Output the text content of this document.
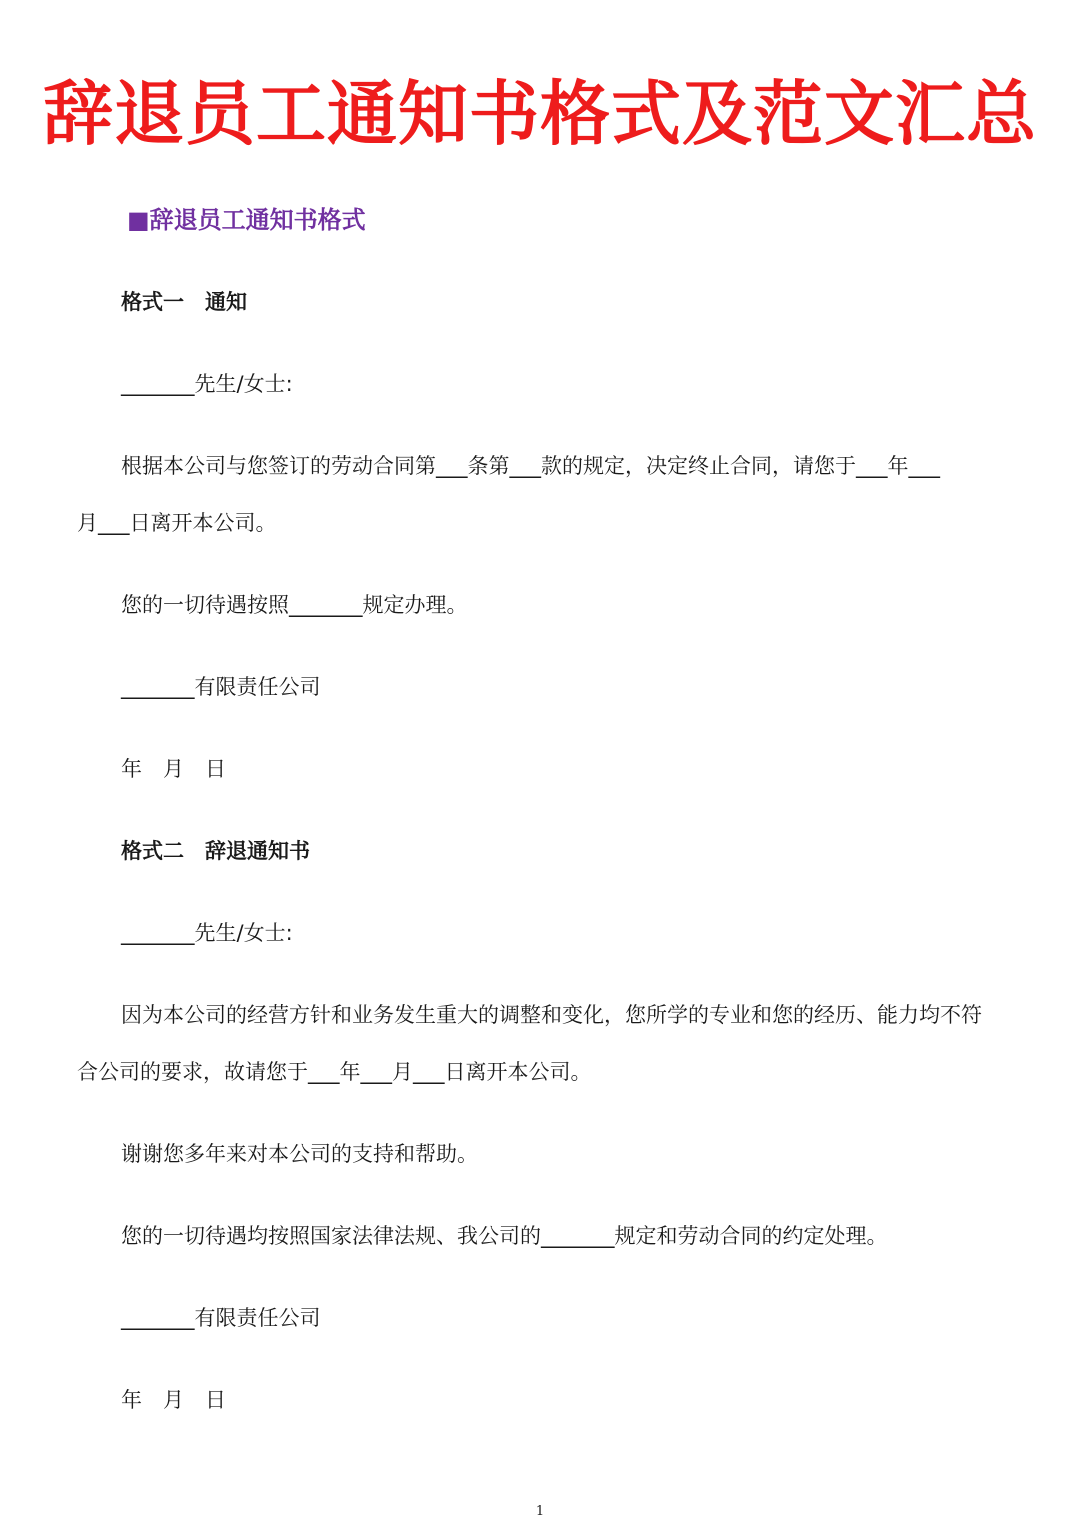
辞退员工通知书格式及范文汇总
■辞退员工通知书格式
格式一　通知
_______先生/女士:
根据本公司与您签订的劳动合同第___条第___款的规定，决定终止合同，请您于___年___
月___日离开本公司。
您的一切待遇按照_______规定办理。
_______有限责任公司
年　月　日
格式二　辞退通知书
_______先生/女士:
因为本公司的经营方针和业务发生重大的调整和变化，您所学的专业和您的经历、能力均不符
合公司的要求，故请您于___年___月___日离开本公司。
谢谢您多年来对本公司的支持和帮助。
您的一切待遇均按照国家法律法规、我公司的_______规定和劳动合同的约定处理。
_______有限责任公司
年　月　日
1
